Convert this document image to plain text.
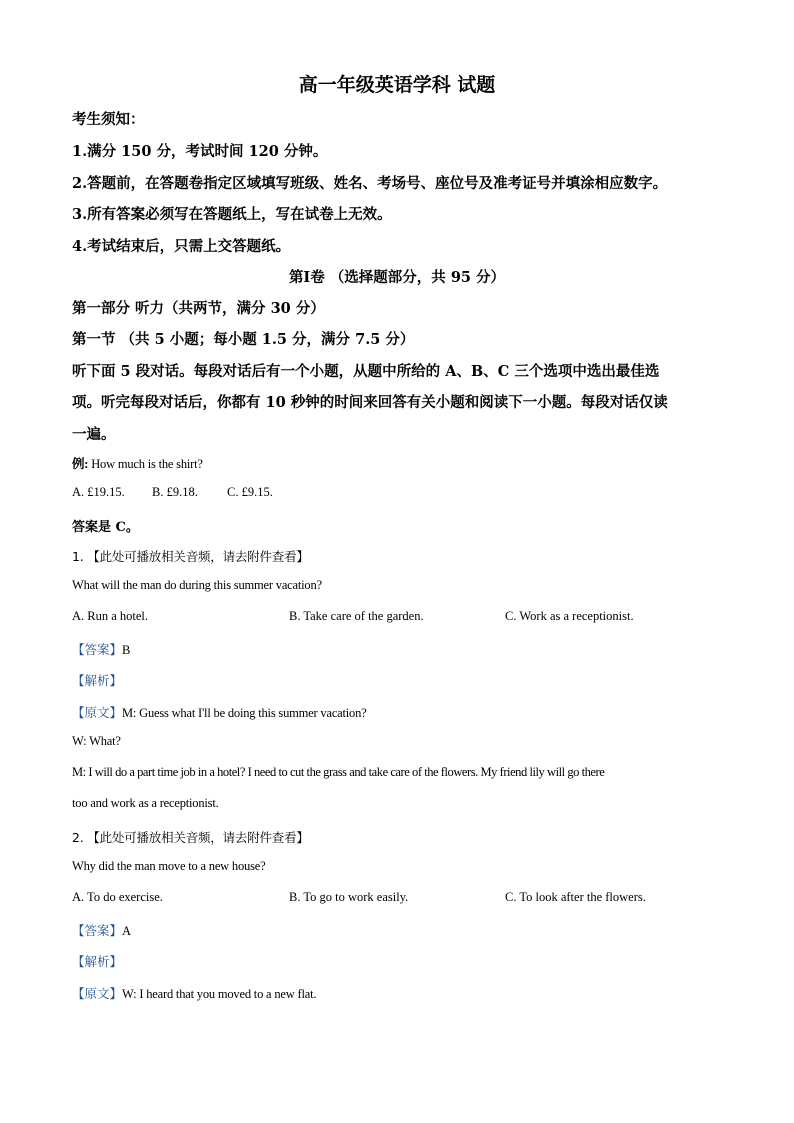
高一年级英语学科 试题
考生须知：
1.满分 150 分，考试时间 120 分钟。
2.答题前，在答题卷指定区域填写班级、姓名、考场号、座位号及准考证号并填涂相应数字。
3.所有答案必须写在答题纸上，写在试卷上无效。
4.考试结束后，只需上交答题纸。
第Ⅰ卷 （选择题部分，共 95 分）
第一部分 听力（共两节，满分 30 分）
第一节 （共 5 小题；每小题 1.5 分，满分 7.5 分）
听下面 5 段对话。每段对话后有一个小题，从题中所给的 A、B、C 三个选项中选出最佳选
项。听完每段对话后，你都有 10 秒钟的时间来回答有关小题和阅读下一小题。每段对话仅读
一遍。
例: How much is the shirt?
A. £19.15. B. £9.18. C. £9.15.
答案是 C。
1. 【此处可播放相关音频，请去附件查看】
What will the man do during this summer vacation?
A. Run a hotel.	B. Take care of the garden.	C. Work as a receptionist.
【答案】B
【解析】
【原文】M: Guess what I'll be doing this summer vacation?
W: What?
M: I will do a part time job in a hotel? I need to cut the grass and take care of the flowers. My friend lily will go there
too and work as a receptionist.
2. 【此处可播放相关音频，请去附件查看】
Why did the man move to a new house?
A. To do exercise.	B. To go to work easily.	C. To look after the flowers.
【答案】A
【解析】
【原文】W: I heard that you moved to a new flat.
